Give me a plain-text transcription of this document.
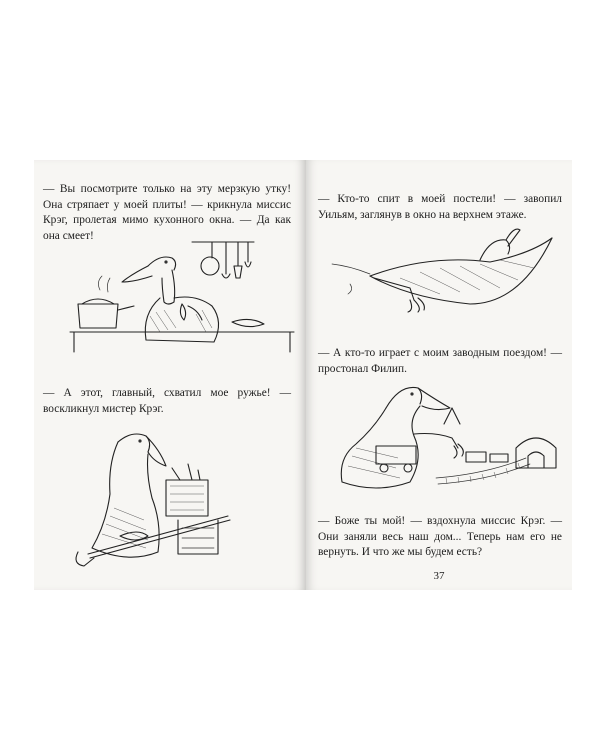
— Вы посмотрите только на эту мерзкую утку! Она стряпает у моей плиты! — крикнула миссис Крэг, пролетая мимо кухонного окна. — Да как она смеет!

— А этот, главный, схватил мое ружье! — воскликнул мистер Крэг.

— Кто-то спит в моей постели! — завопил Уильям, заглянув в окно на верхнем этаже.

— А кто-то играет с моим заводным поездом! — простонал Филип.

— Боже ты мой! — вздохнула миссис Крэг. — Они заняли весь наш дом... Теперь нам его не вернуть. И что же мы будем есть?

37
